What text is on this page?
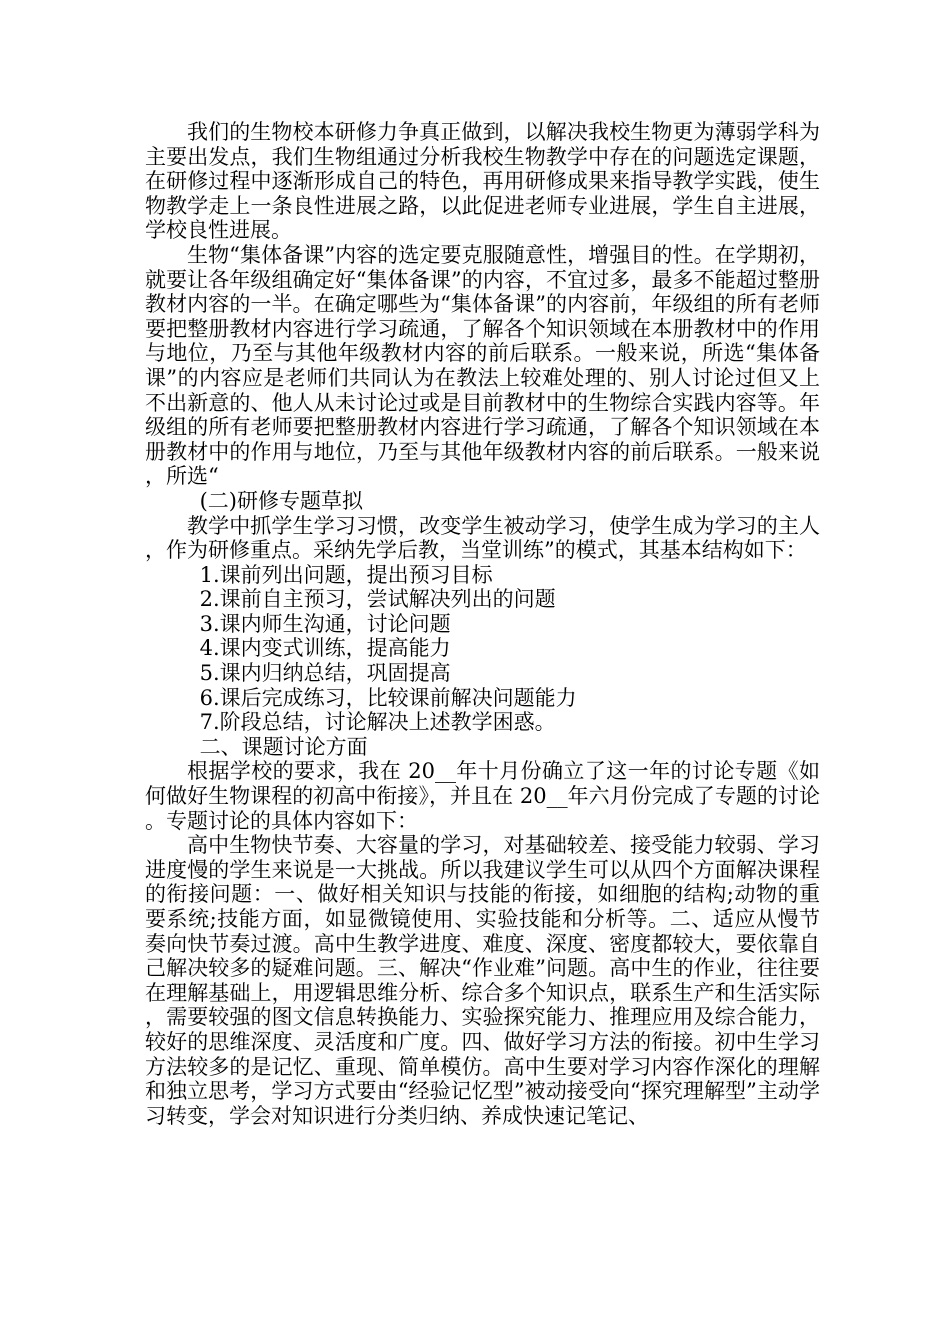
我们的生物校本研修力争真正做到，以解决我校生物更为薄弱学科为主要出发点，我们生物组通过分析我校生物教学中存在的问题选定课题，在研修过程中逐渐形成自己的特色，再用研修成果来指导教学实践，使生物教学走上一条良性进展之路，以此促进老师专业进展，学生自主进展，学校良性进展。

生物“集体备课”内容的选定要克服随意性，增强目的性。在学期初，就要让各年级组确定好“集体备课”的内容，不宜过多，最多不能超过整册教材内容的一半。在确定哪些为“集体备课”的内容前，年级组的所有老师要把整册教材内容进行学习疏通，了解各个知识领域在本册教材中的作用与地位，乃至与其他年级教材内容的前后联系。一般来说，所选“集体备课”的内容应是老师们共同认为在教法上较难处理的、别人讨论过但又上不出新意的、他人从未讨论过或是目前教材中的生物综合实践内容等。年级组的所有老师要把整册教材内容进行学习疏通，了解各个知识领域在本册教材中的作用与地位，乃至与其他年级教材内容的前后联系。一般来说，所选“

(二)研修专题草拟

教学中抓学生学习习惯，改变学生被动学习，使学生成为学习的主人，作为研修重点。采纳先学后教，当堂训练”的模式，其基本结构如下：

1.课前列出问题，提出预习目标

2.课前自主预习，尝试解决列出的问题

3.课内师生沟通，讨论问题

4.课内变式训练，提高能力

5.课内归纳总结，巩固提高

6.课后完成练习，比较课前解决问题能力

7.阶段总结，讨论解决上述教学困惑。

二、课题讨论方面

根据学校的要求，我在 20__年十月份确立了这一年的讨论专题《如何做好生物课程的初高中衔接》，并且在 20__年六月份完成了专题的讨论。专题讨论的具体内容如下：

高中生物快节奏、大容量的学习，对基础较差、接受能力较弱、学习进度慢的学生来说是一大挑战。所以我建议学生可以从四个方面解决课程的衔接问题：一、做好相关知识与技能的衔接，如细胞的结构;动物的重要系统;技能方面，如显微镜使用、实验技能和分析等。二、适应从慢节奏向快节奏过渡。高中生教学进度、难度、深度、密度都较大，要依靠自己解决较多的疑难问题。三、解决“作业难”问题。高中生的作业，往往要在理解基础上，用逻辑思维分析、综合多个知识点，联系生产和生活实际，需要较强的图文信息转换能力、实验探究能力、推理应用及综合能力，较好的思维深度、灵活度和广度。四、做好学习方法的衔接。初中生学习方法较多的是记忆、重现、简单模仿。高中生要对学习内容作深化的理解和独立思考，学习方式要由“经验记忆型”被动接受向“探究理解型”主动学习转变，学会对知识进行分类归纳、养成快速记笔记、
